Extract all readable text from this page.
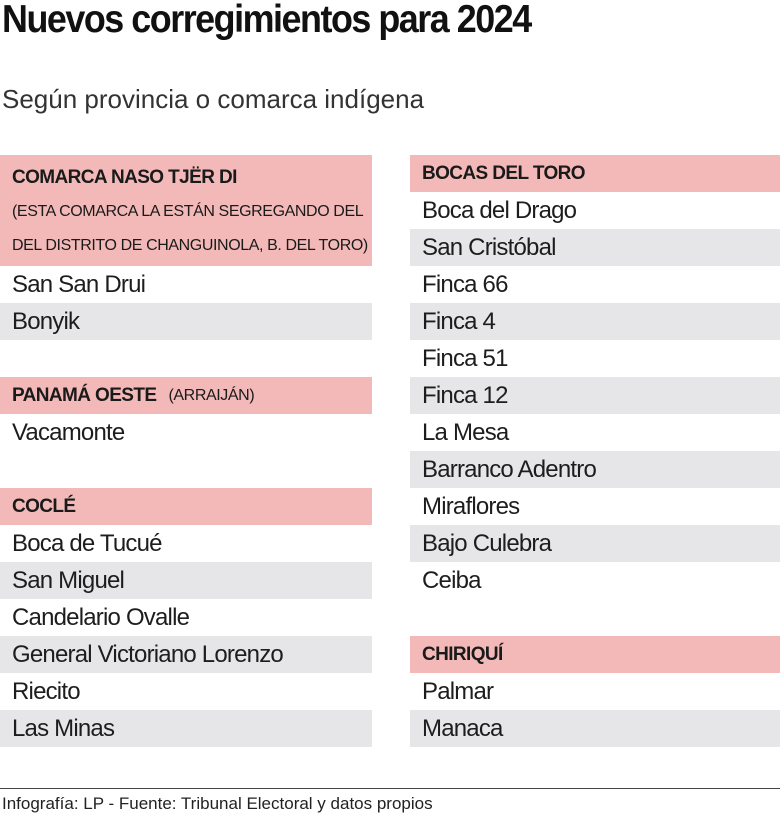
Nuevos corregimientos para 2024

Según provincia o comarca indígena

COMARCA NASO TJËR DI
(ESTA COMARCA LA ESTÁN SEGREGANDO DEL
DEL DISTRITO DE CHANGUINOLA, B. DEL TORO)
San San Drui
Bonyik
PANAMÁ OESTE (ARRAIJÁN)
Vacamonte
COCLÉ
Boca de Tucué
San Miguel
Candelario Ovalle
General Victoriano Lorenzo
Riecito
Las Minas
BOCAS DEL TORO
Boca del Drago
San Cristóbal
Finca 66
Finca 4
Finca 51
Finca 12
La Mesa
Barranco Adentro
Miraflores
Bajo Culebra
Ceiba
CHIRIQUÍ
Palmar
Manaca
Infografía: LP - Fuente: Tribunal Electoral y datos propios
